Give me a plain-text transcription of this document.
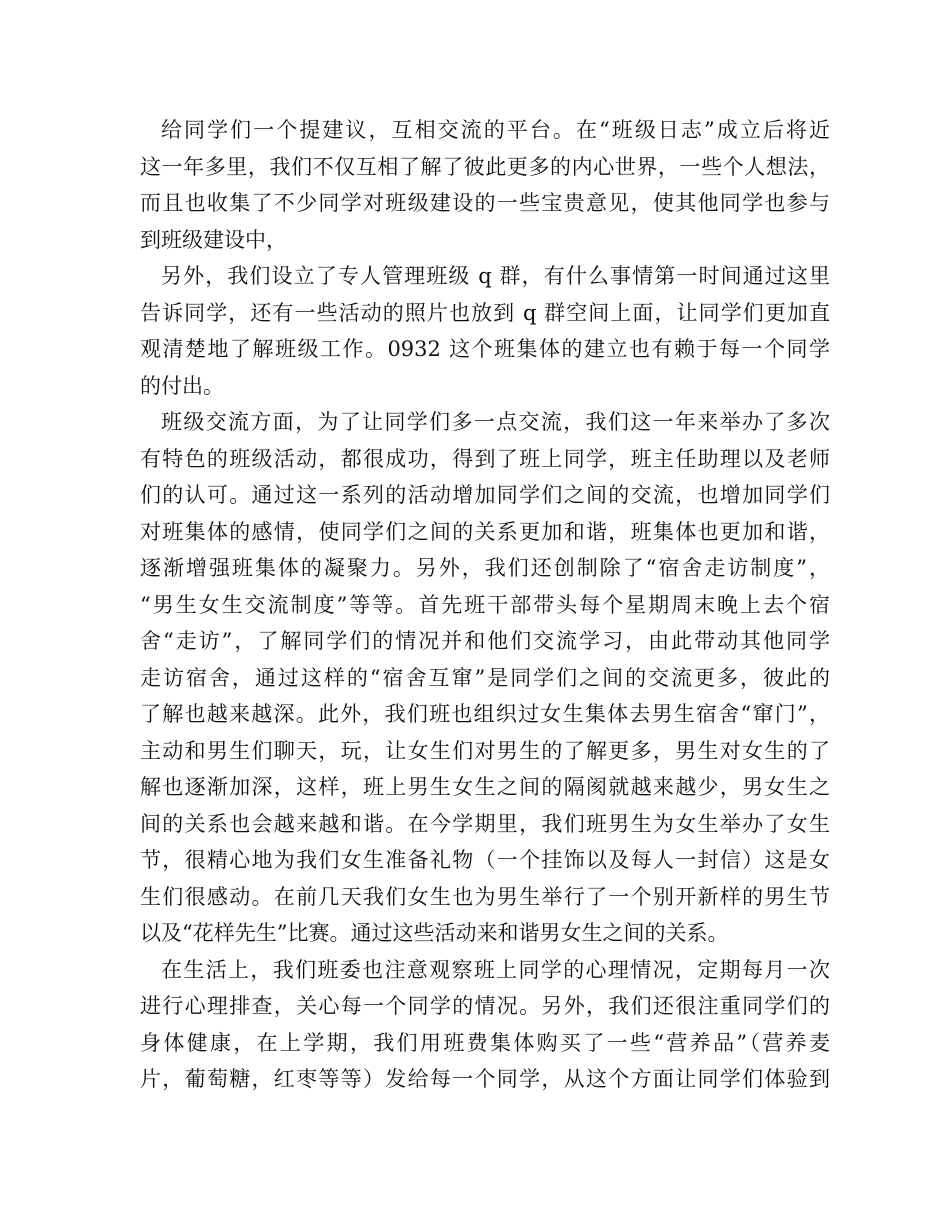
给同学们一个提建议，互相交流的平台。在“班级日志”成立后将近
这一年多里，我们不仅互相了解了彼此更多的内心世界，一些个人想法，
而且也收集了不少同学对班级建设的一些宝贵意见，使其他同学也参与
到班级建设中，
另外，我们设立了专人管理班级 q 群，有什么事情第一时间通过这里
告诉同学，还有一些活动的照片也放到 q 群空间上面，让同学们更加直
观清楚地了解班级工作。0932 这个班集体的建立也有赖于每一个同学
的付出。
班级交流方面，为了让同学们多一点交流，我们这一年来举办了多次
有特色的班级活动，都很成功，得到了班上同学，班主任助理以及老师
们的认可。通过这一系列的活动增加同学们之间的交流，也增加同学们
对班集体的感情，使同学们之间的关系更加和谐，班集体也更加和谐，
逐渐增强班集体的凝聚力。另外，我们还创制除了“宿舍走访制度”，
“男生女生交流制度”等等。首先班干部带头每个星期周末晚上去个宿
舍“走访”，了解同学们的情况并和他们交流学习，由此带动其他同学
走访宿舍，通过这样的“宿舍互窜”是同学们之间的交流更多，彼此的
了解也越来越深。此外，我们班也组织过女生集体去男生宿舍“窜门”，
主动和男生们聊天，玩，让女生们对男生的了解更多，男生对女生的了
解也逐渐加深，这样，班上男生女生之间的隔阂就越来越少，男女生之
间的关系也会越来越和谐。在今学期里，我们班男生为女生举办了女生
节，很精心地为我们女生准备礼物（一个挂饰以及每人一封信）这是女
生们很感动。在前几天我们女生也为男生举行了一个别开新样的男生节
以及“花样先生”比赛。通过这些活动来和谐男女生之间的关系。
在生活上，我们班委也注意观察班上同学的心理情况，定期每月一次
进行心理排查，关心每一个同学的情况。另外，我们还很注重同学们的
身体健康，在上学期，我们用班费集体购买了一些“营养品”（营养麦
片，葡萄糖，红枣等等）发给每一个同学，从这个方面让同学们体验到
